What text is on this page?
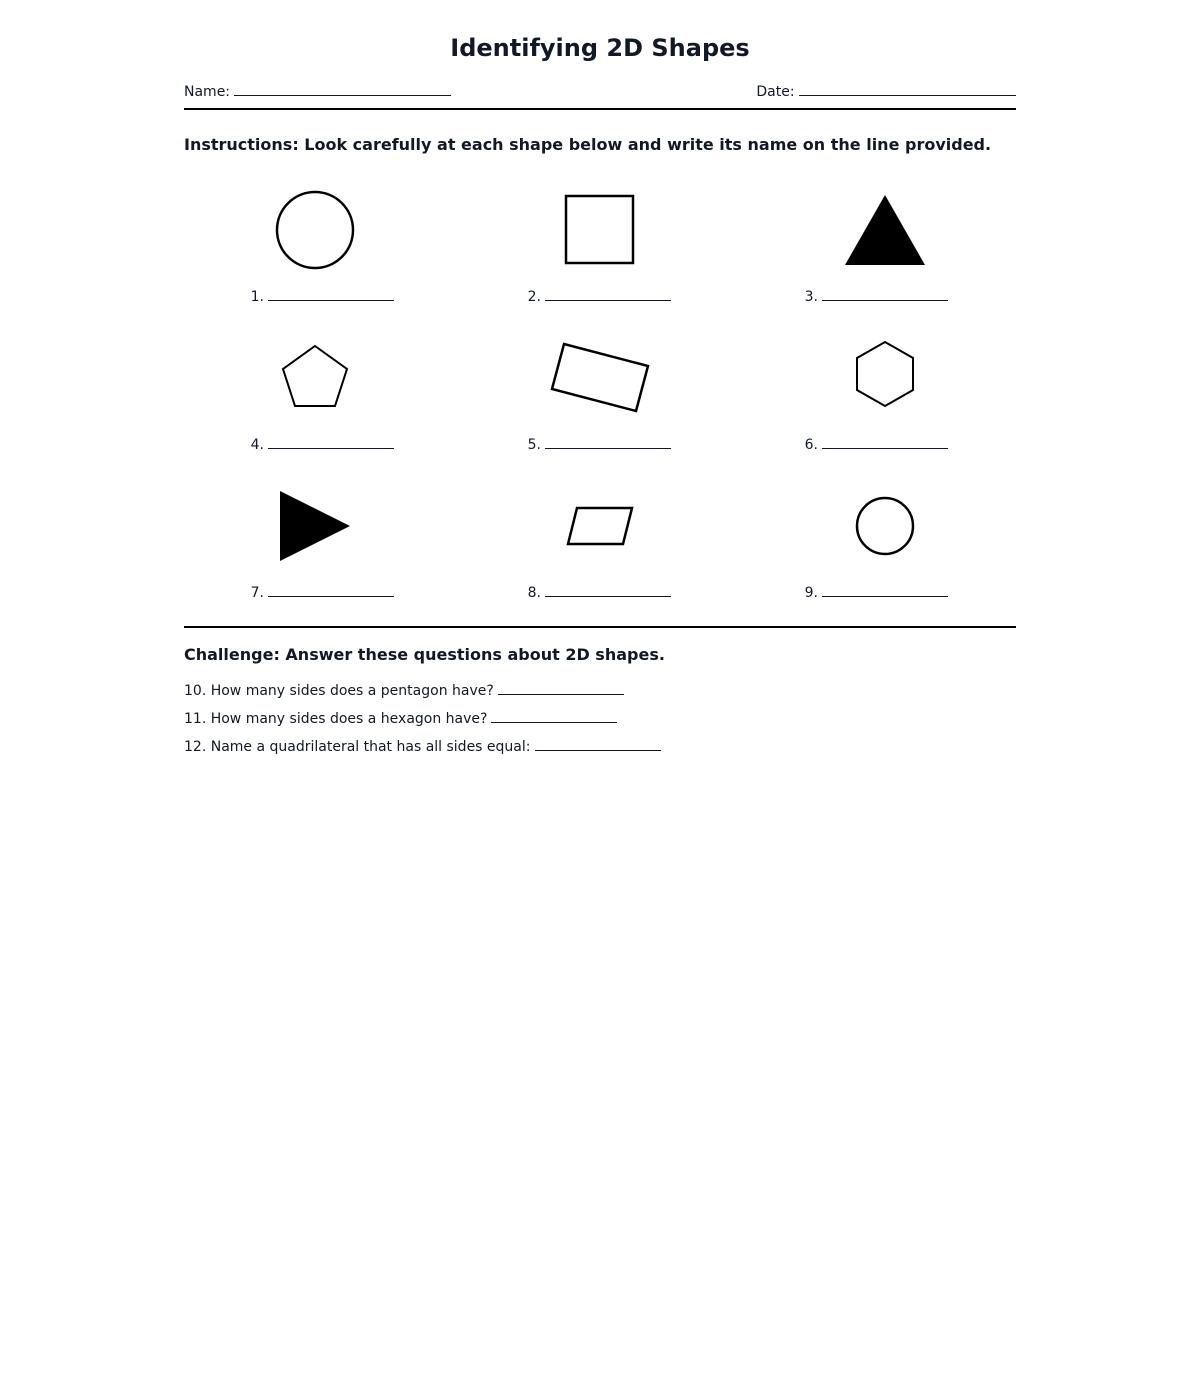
Identifying 2D Shapes
Name:	Date:
Instructions: Look carefully at each shape below and write its name on the line provided.
1.	2.	3.
4.	5.	6.
7.	8.	9.
Challenge: Answer these questions about 2D shapes.
10. How many sides does a pentagon have?
11. How many sides does a hexagon have?
12. Name a quadrilateral that has all sides equal:
